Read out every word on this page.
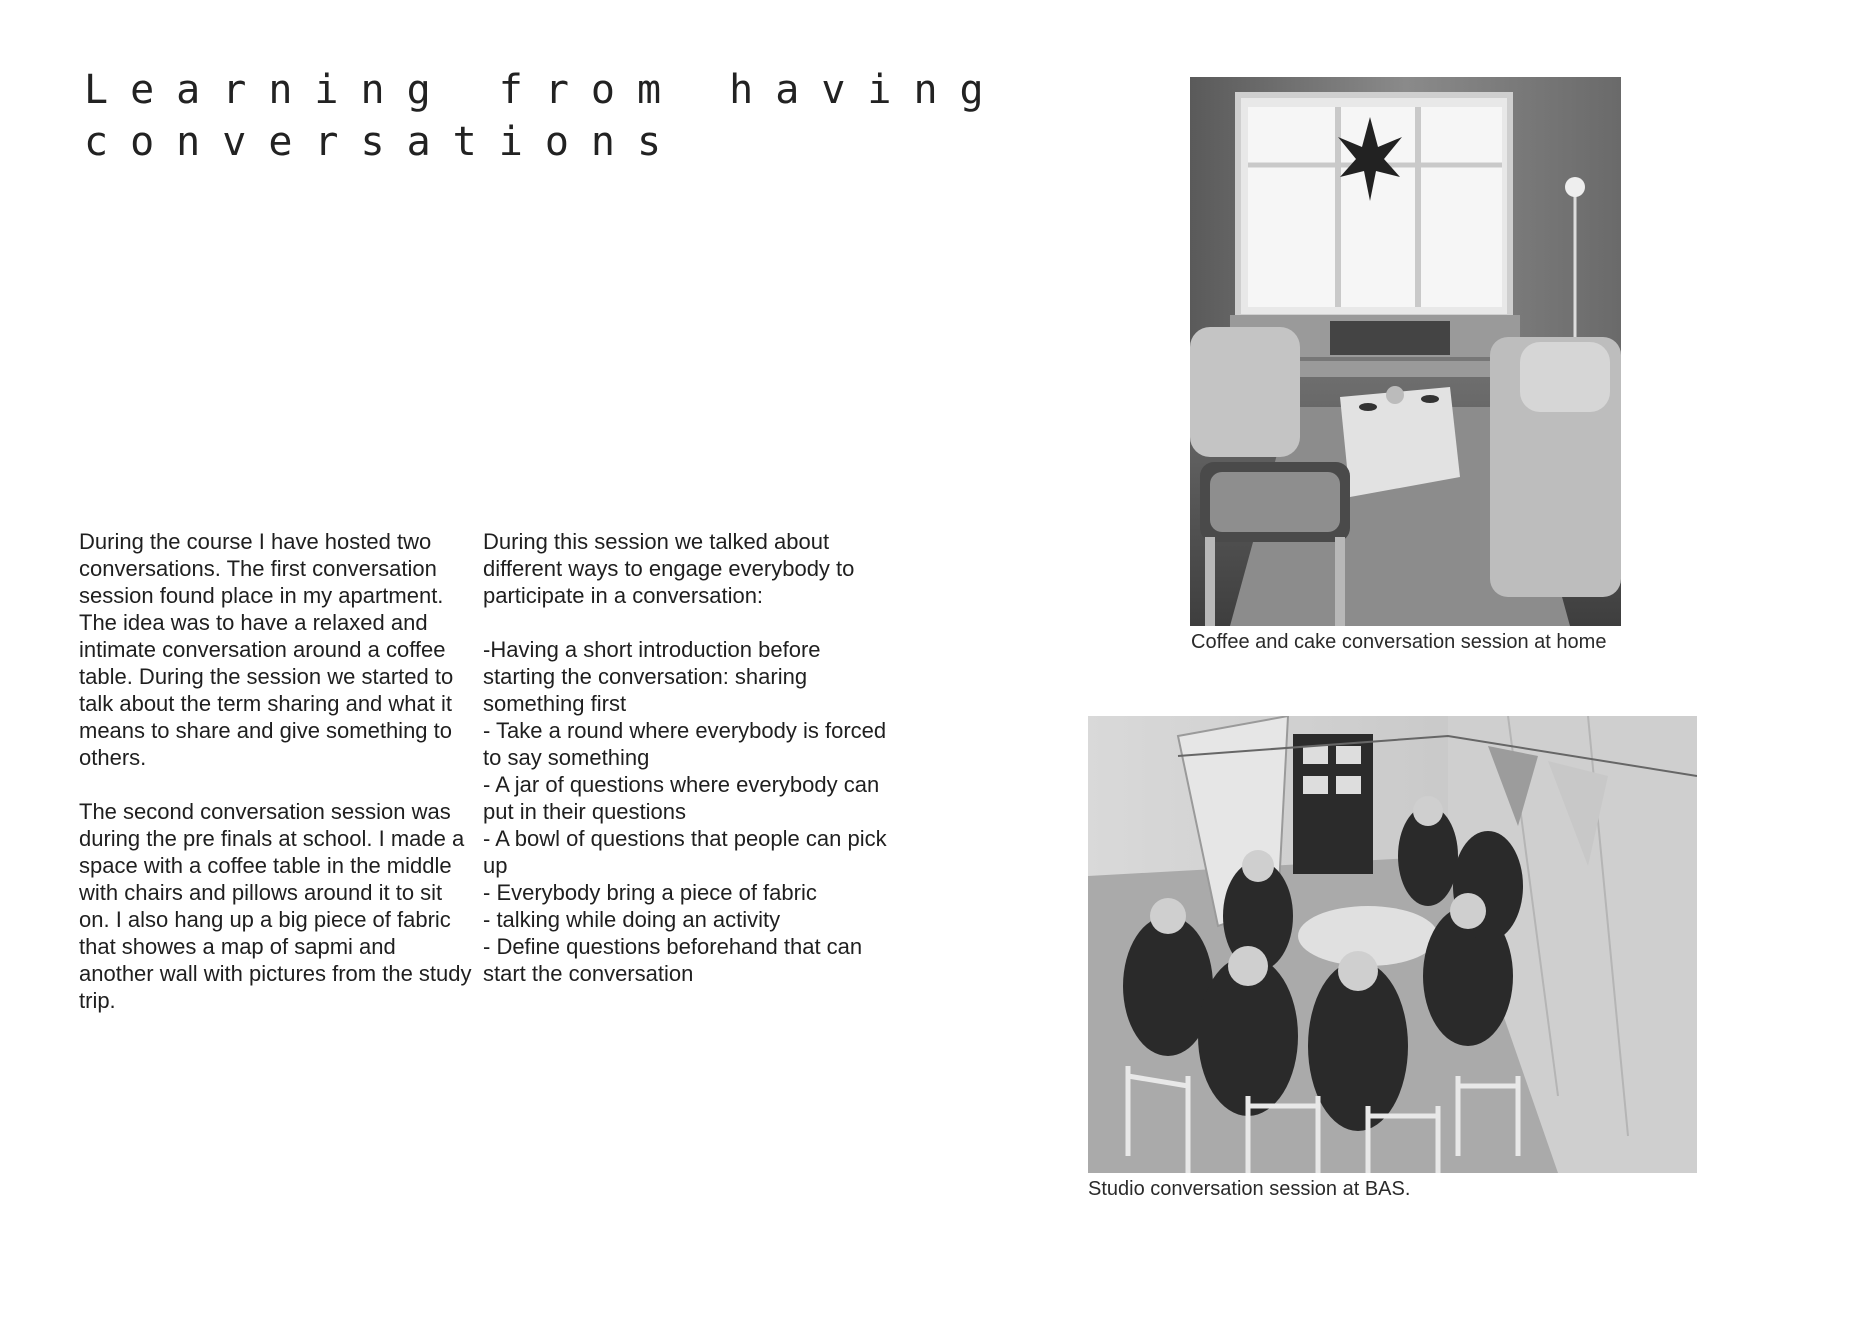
Learning from having
conversations

During the course I have hosted two conversations. The first conversation session found place in my apartment. The idea was to have a relaxed and intimate conversation around a coffee table. During the session we started to talk about the term sharing and what it means to share and give something to others.

The second conversation session was during the pre finals at school. I made a space with a coffee table in the middle with chairs and pillows around it to sit on. I also hang up a big piece of fabric that showes a map of sapmi and another wall with pictures from the study trip.

During this session we talked about different ways to engage everybody to participate in a conversation:

-Having a short introduction before starting the conversation: sharing something first
- Take a round where everybody is forced to say something
- A jar of questions where everybody can put in their questions
- A bowl of questions that people can pick up
- Everybody bring a piece of fabric
- talking while doing an activity
- Define questions beforehand that can start the conversation

Coffee and cake conversation session at home
Studio conversation session at BAS.
